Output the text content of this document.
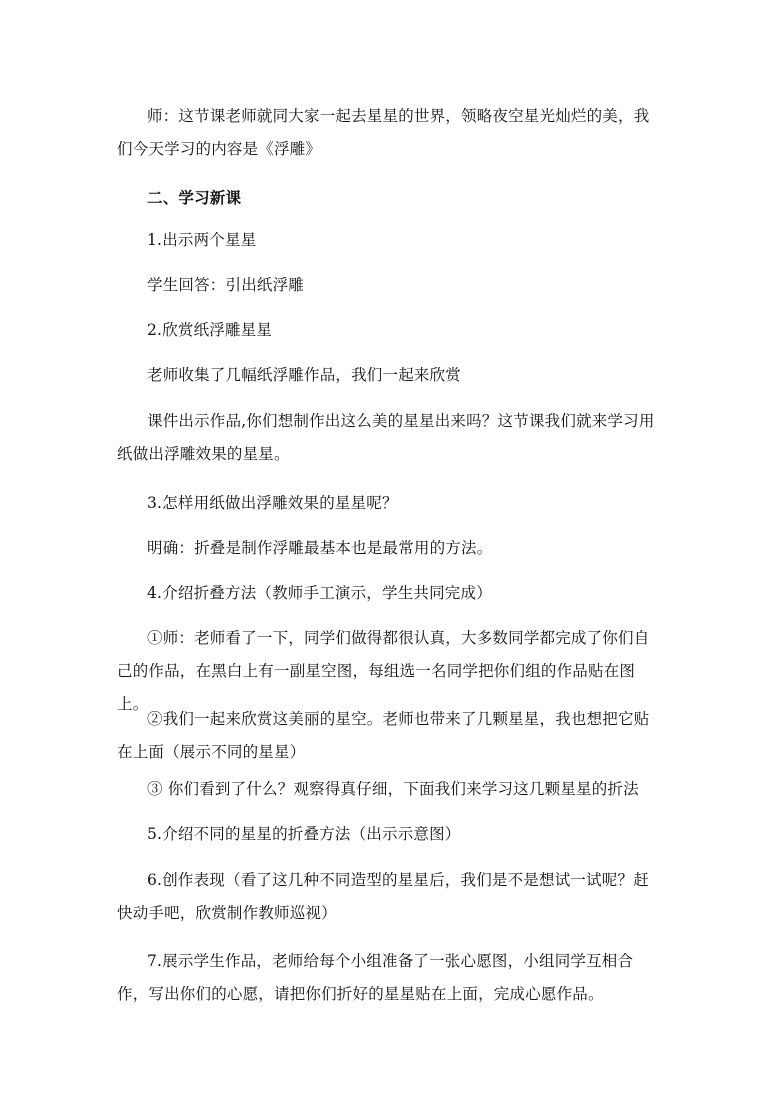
师：这节课老师就同大家一起去星星的世界，领略夜空星光灿烂的美，我们今天学习的内容是《浮雕》

二、学习新课

1.出示两个星星

学生回答：引出纸浮雕

2.欣赏纸浮雕星星

老师收集了几幅纸浮雕作品，我们一起来欣赏

课件出示作品,你们想制作出这么美的星星出来吗？这节课我们就来学习用纸做出浮雕效果的星星。

3.怎样用纸做出浮雕效果的星星呢？

明确：折叠是制作浮雕最基本也是最常用的方法。

4.介绍折叠方法（教师手工演示，学生共同完成）

①师：老师看了一下，同学们做得都很认真，大多数同学都完成了你们自己的作品，在黑白上有一副星空图，每组选一名同学把你们组的作品贴在图上。

②我们一起来欣赏这美丽的星空。老师也带来了几颗星星，我也想把它贴在上面（展示不同的星星）

③ 你们看到了什么？观察得真仔细，下面我们来学习这几颗星星的折法

5.介绍不同的星星的折叠方法（出示示意图）

6.创作表现（看了这几种不同造型的星星后，我们是不是想试一试呢？赶快动手吧，欣赏制作教师巡视）

7.展示学生作品，老师给每个小组准备了一张心愿图，小组同学互相合作，写出你们的心愿，请把你们折好的星星贴在上面，完成心愿作品。
